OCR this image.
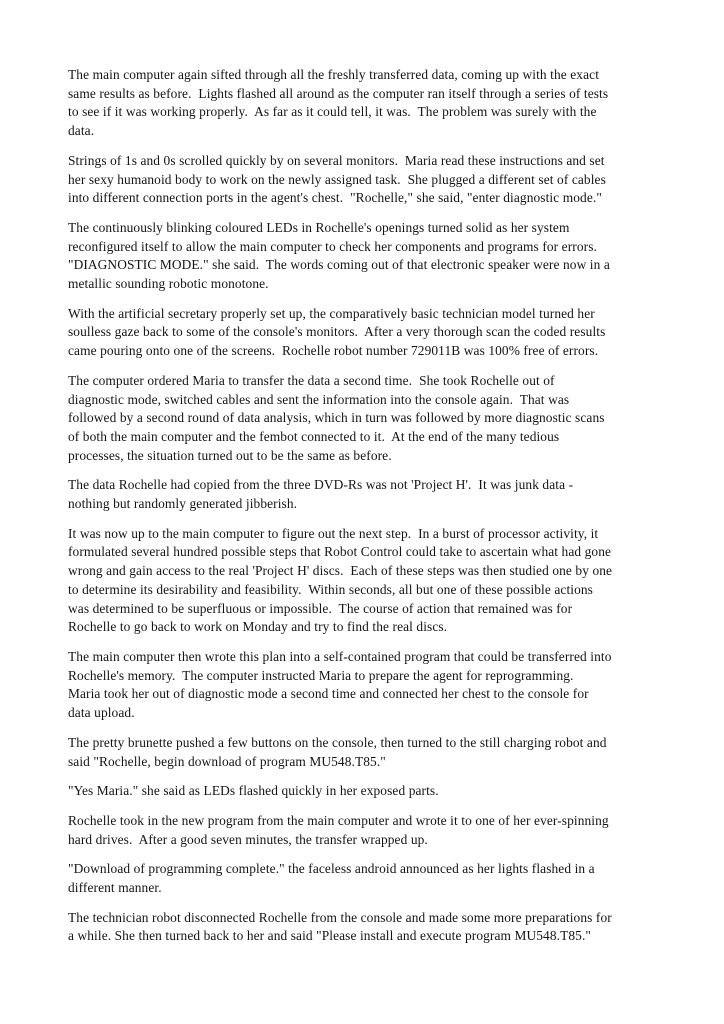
The main computer again sifted through all the freshly transferred data, coming up with the exact
same results as before.  Lights flashed all around as the computer ran itself through a series of tests
to see if it was working properly.  As far as it could tell, it was.  The problem was surely with the
data.
Strings of 1s and 0s scrolled quickly by on several monitors.  Maria read these instructions and set
her sexy humanoid body to work on the newly assigned task.  She plugged a different set of cables
into different connection ports in the agent's chest.  "Rochelle," she said, "enter diagnostic mode."
The continuously blinking coloured LEDs in Rochelle's openings turned solid as her system
reconfigured itself to allow the main computer to check her components and programs for errors.
"DIAGNOSTIC MODE." she said.  The words coming out of that electronic speaker were now in a
metallic sounding robotic monotone.
With the artificial secretary properly set up, the comparatively basic technician model turned her
soulless gaze back to some of the console's monitors.  After a very thorough scan the coded results
came pouring onto one of the screens.  Rochelle robot number 729011B was 100% free of errors.
The computer ordered Maria to transfer the data a second time.  She took Rochelle out of
diagnostic mode, switched cables and sent the information into the console again.  That was
followed by a second round of data analysis, which in turn was followed by more diagnostic scans
of both the main computer and the fembot connected to it.  At the end of the many tedious
processes, the situation turned out to be the same as before.
The data Rochelle had copied from the three DVD-Rs was not 'Project H'.  It was junk data -
nothing but randomly generated jibberish.
It was now up to the main computer to figure out the next step.  In a burst of processor activity, it
formulated several hundred possible steps that Robot Control could take to ascertain what had gone
wrong and gain access to the real 'Project H' discs.  Each of these steps was then studied one by one
to determine its desirability and feasibility.  Within seconds, all but one of these possible actions
was determined to be superfluous or impossible.  The course of action that remained was for
Rochelle to go back to work on Monday and try to find the real discs.
The main computer then wrote this plan into a self-contained program that could be transferred into
Rochelle's memory.  The computer instructed Maria to prepare the agent for reprogramming.
Maria took her out of diagnostic mode a second time and connected her chest to the console for
data upload.
The pretty brunette pushed a few buttons on the console, then turned to the still charging robot and
said "Rochelle, begin download of program MU548.T85."
"Yes Maria." she said as LEDs flashed quickly in her exposed parts.
Rochelle took in the new program from the main computer and wrote it to one of her ever-spinning
hard drives.  After a good seven minutes, the transfer wrapped up.
"Download of programming complete." the faceless android announced as her lights flashed in a
different manner.
The technician robot disconnected Rochelle from the console and made some more preparations for
a while. She then turned back to her and said "Please install and execute program MU548.T85."
